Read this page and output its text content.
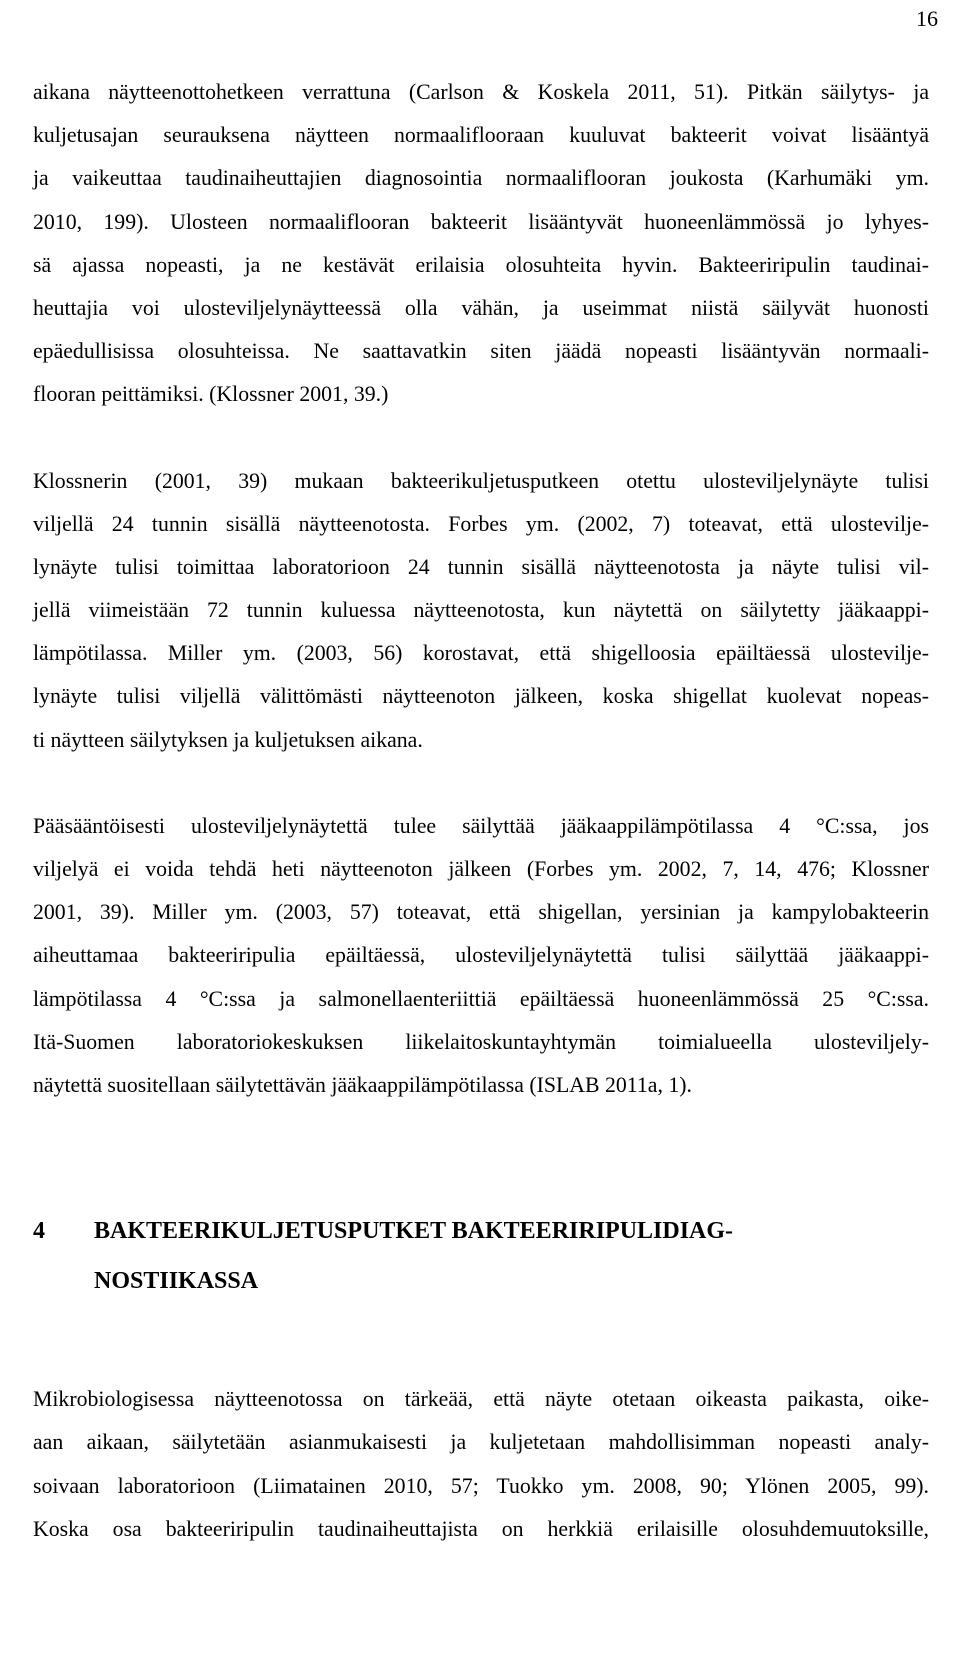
16
aikana näytteenottohetkeen verrattuna (Carlson & Koskela 2011, 51). Pitkän säilytys- ja
kuljetusajan seurauksena näytteen normaaliflooraan kuuluvat bakteerit voivat lisääntyä
ja vaikeuttaa taudinaiheuttajien diagnosointia normaaliflooran joukosta (Karhumäki ym.
2010, 199). Ulosteen normaaliflooran bakteerit lisääntyvät huoneenlämmössä jo lyhyes-
sä ajassa nopeasti, ja ne kestävät erilaisia olosuhteita hyvin. Bakteeriripulin taudinai-
heuttajia voi ulosteviljelynäytteessä olla vähän, ja useimmat niistä säilyvät huonosti
epäedullisissa olosuhteissa. Ne saattavatkin siten jäädä nopeasti lisääntyvän normaali-
flooran peittämiksi. (Klossner 2001, 39.)
Klossnerin (2001, 39) mukaan bakteerikuljetusputkeen otettu ulosteviljelynäyte tulisi
viljellä 24 tunnin sisällä näytteenotosta. Forbes ym. (2002, 7) toteavat, että ulostevilje-
lynäyte tulisi toimittaa laboratorioon 24 tunnin sisällä näytteenotosta ja näyte tulisi vil-
jellä viimeistään 72 tunnin kuluessa näytteenotosta, kun näytettä on säilytetty jääkaappi-
lämpötilassa. Miller ym. (2003, 56) korostavat, että shigelloosia epäiltäessä ulostevilje-
lynäyte tulisi viljellä välittömästi näytteenoton jälkeen, koska shigellat kuolevat nopeas-
ti näytteen säilytyksen ja kuljetuksen aikana.
Pääsääntöisesti ulosteviljelynäytettä tulee säilyttää jääkaappilämpötilassa 4 °C:ssa, jos
viljelyä ei voida tehdä heti näytteenoton jälkeen (Forbes ym. 2002, 7, 14, 476; Klossner
2001, 39). Miller ym. (2003, 57) toteavat, että shigellan, yersinian ja kampylobakteerin
aiheuttamaa bakteeriripulia epäiltäessä, ulosteviljelynäytettä tulisi säilyttää jääkaappi-
lämpötilassa 4 °C:ssa ja salmonellaenteriittiä epäiltäessä huoneenlämmössä 25 °C:ssa.
Itä-Suomen laboratoriokeskuksen liikelaitoskuntayhtymän toimialueella ulosteviljely-
näytettä suositellaan säilytettävän jääkaappilämpötilassa (ISLAB 2011a, 1).
4 BAKTEERIKULJETUSPUTKET BAKTEERIRIPULIDIAG-
NOSTIIKASSA
Mikrobiologisessa näytteenotossa on tärkeää, että näyte otetaan oikeasta paikasta, oike-
aan aikaan, säilytetään asianmukaisesti ja kuljetetaan mahdollisimman nopeasti analy-
soivaan laboratorioon (Liimatainen 2010, 57; Tuokko ym. 2008, 90; Ylönen 2005, 99).
Koska osa bakteeriripulin taudinaiheuttajista on herkkiä erilaisille olosuhdemuutoksille,
